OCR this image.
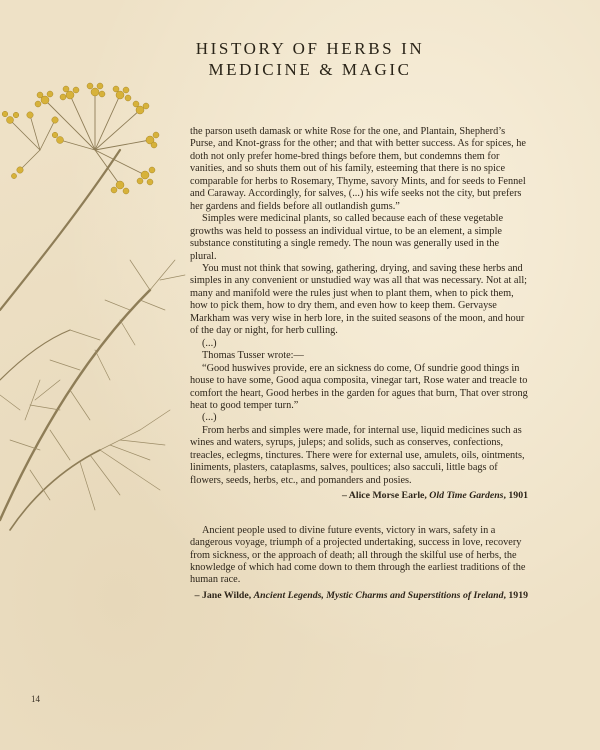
HISTORY OF HERBS IN MEDICINE & MAGIC

the parson useth damask or white Rose for the one, and Plantain, Shepherd’s Purse, and Knot-grass for the other; and that with better success. As for spices, he doth not only prefer home-bred things before them, but condemns them for vanities, and so shuts them out of his family, esteeming that there is no spice comparable for herbs to Rosemary, Thyme, savory Mints, and for seeds to Fennel and Caraway. Accordingly, for salves, (...) his wife seeks not the city, but prefers her gardens and fields before all outlandish gums.”

Simples were medicinal plants, so called because each of these vegetable growths was held to possess an individual virtue, to be an element, a simple substance constituting a single remedy. The noun was generally used in the plural.

You must not think that sowing, gathering, drying, and saving these herbs and simples in any convenient or unstudied way was all that was necessary. Not at all; many and manifold were the rules just when to plant them, when to pick them, how to pick them, how to dry them, and even how to keep them. Gervayse Markham was very wise in herb lore, in the suited seasons of the moon, and hour of the day or night, for herb culling.

(...)

Thomas Tusser wrote:—

“Good huswives provide, ere an sickness do come, Of sundrie good things in house to have some, Good aqua composita, vinegar tart, Rose water and treacle to comfort the heart, Good herbes in the garden for agues that burn, That over strong heat to good temper turn.”

(...)

From herbs and simples were made, for internal use, liquid medicines such as wines and waters, syrups, juleps; and solids, such as conserves, confections, treacles, eclegms, tinctures. There were for external use, amulets, oils, ointments, liniments, plasters, cataplasms, salves, poultices; also sacculi, little bags of flowers, seeds, herbs, etc., and pomanders and posies.

– Alice Morse Earle, Old Time Gardens, 1901

Ancient people used to divine future events, victory in wars, safety in a dangerous voyage, triumph of a projected undertaking, success in love, recovery from sickness, or the approach of death; all through the skilful use of herbs, the knowledge of which had come down to them through the earliest traditions of the human race.

– Jane Wilde, Ancient Legends, Mystic Charms and Superstitions of Ireland, 1919

14
